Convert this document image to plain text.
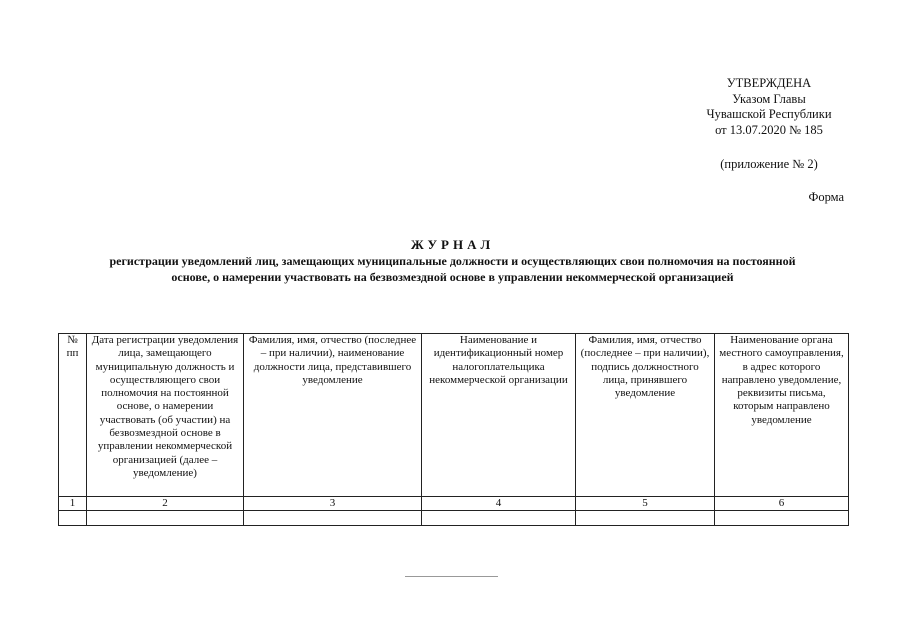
УТВЕРЖДЕНА
Указом Главы
Чувашской Республики
от 13.07.2020 № 185
(приложение № 2)
Форма
ЖУРНАЛ
регистрации уведомлений лиц, замещающих муниципальные должности и осуществляющих свои полномочия на постоянной основе, о намерении участвовать на безвозмездной основе в управлении некоммерческой организацией
№ пп	Дата регистрации уведомления лица, замещающего муниципальную должность и осуществляющего свои полномочия на постоянной основе, о намерении участвовать (об участии) на безвозмездной основе в управлении некоммерческой организацией (далее – уведомление)	Фамилия, имя, отчество (последнее – при наличии), наименование должности лица, представившего уведомление	Наименование и идентификационный номер налогоплательщика некоммерческой организации	Фамилия, имя, отчество (последнее – при наличии), подпись должностного лица, принявшего уведомление	Наименование органа местного самоуправления, в адрес которого направлено уведомление, реквизиты письма, которым направлено уведомление
1	2	3	4	5	6
